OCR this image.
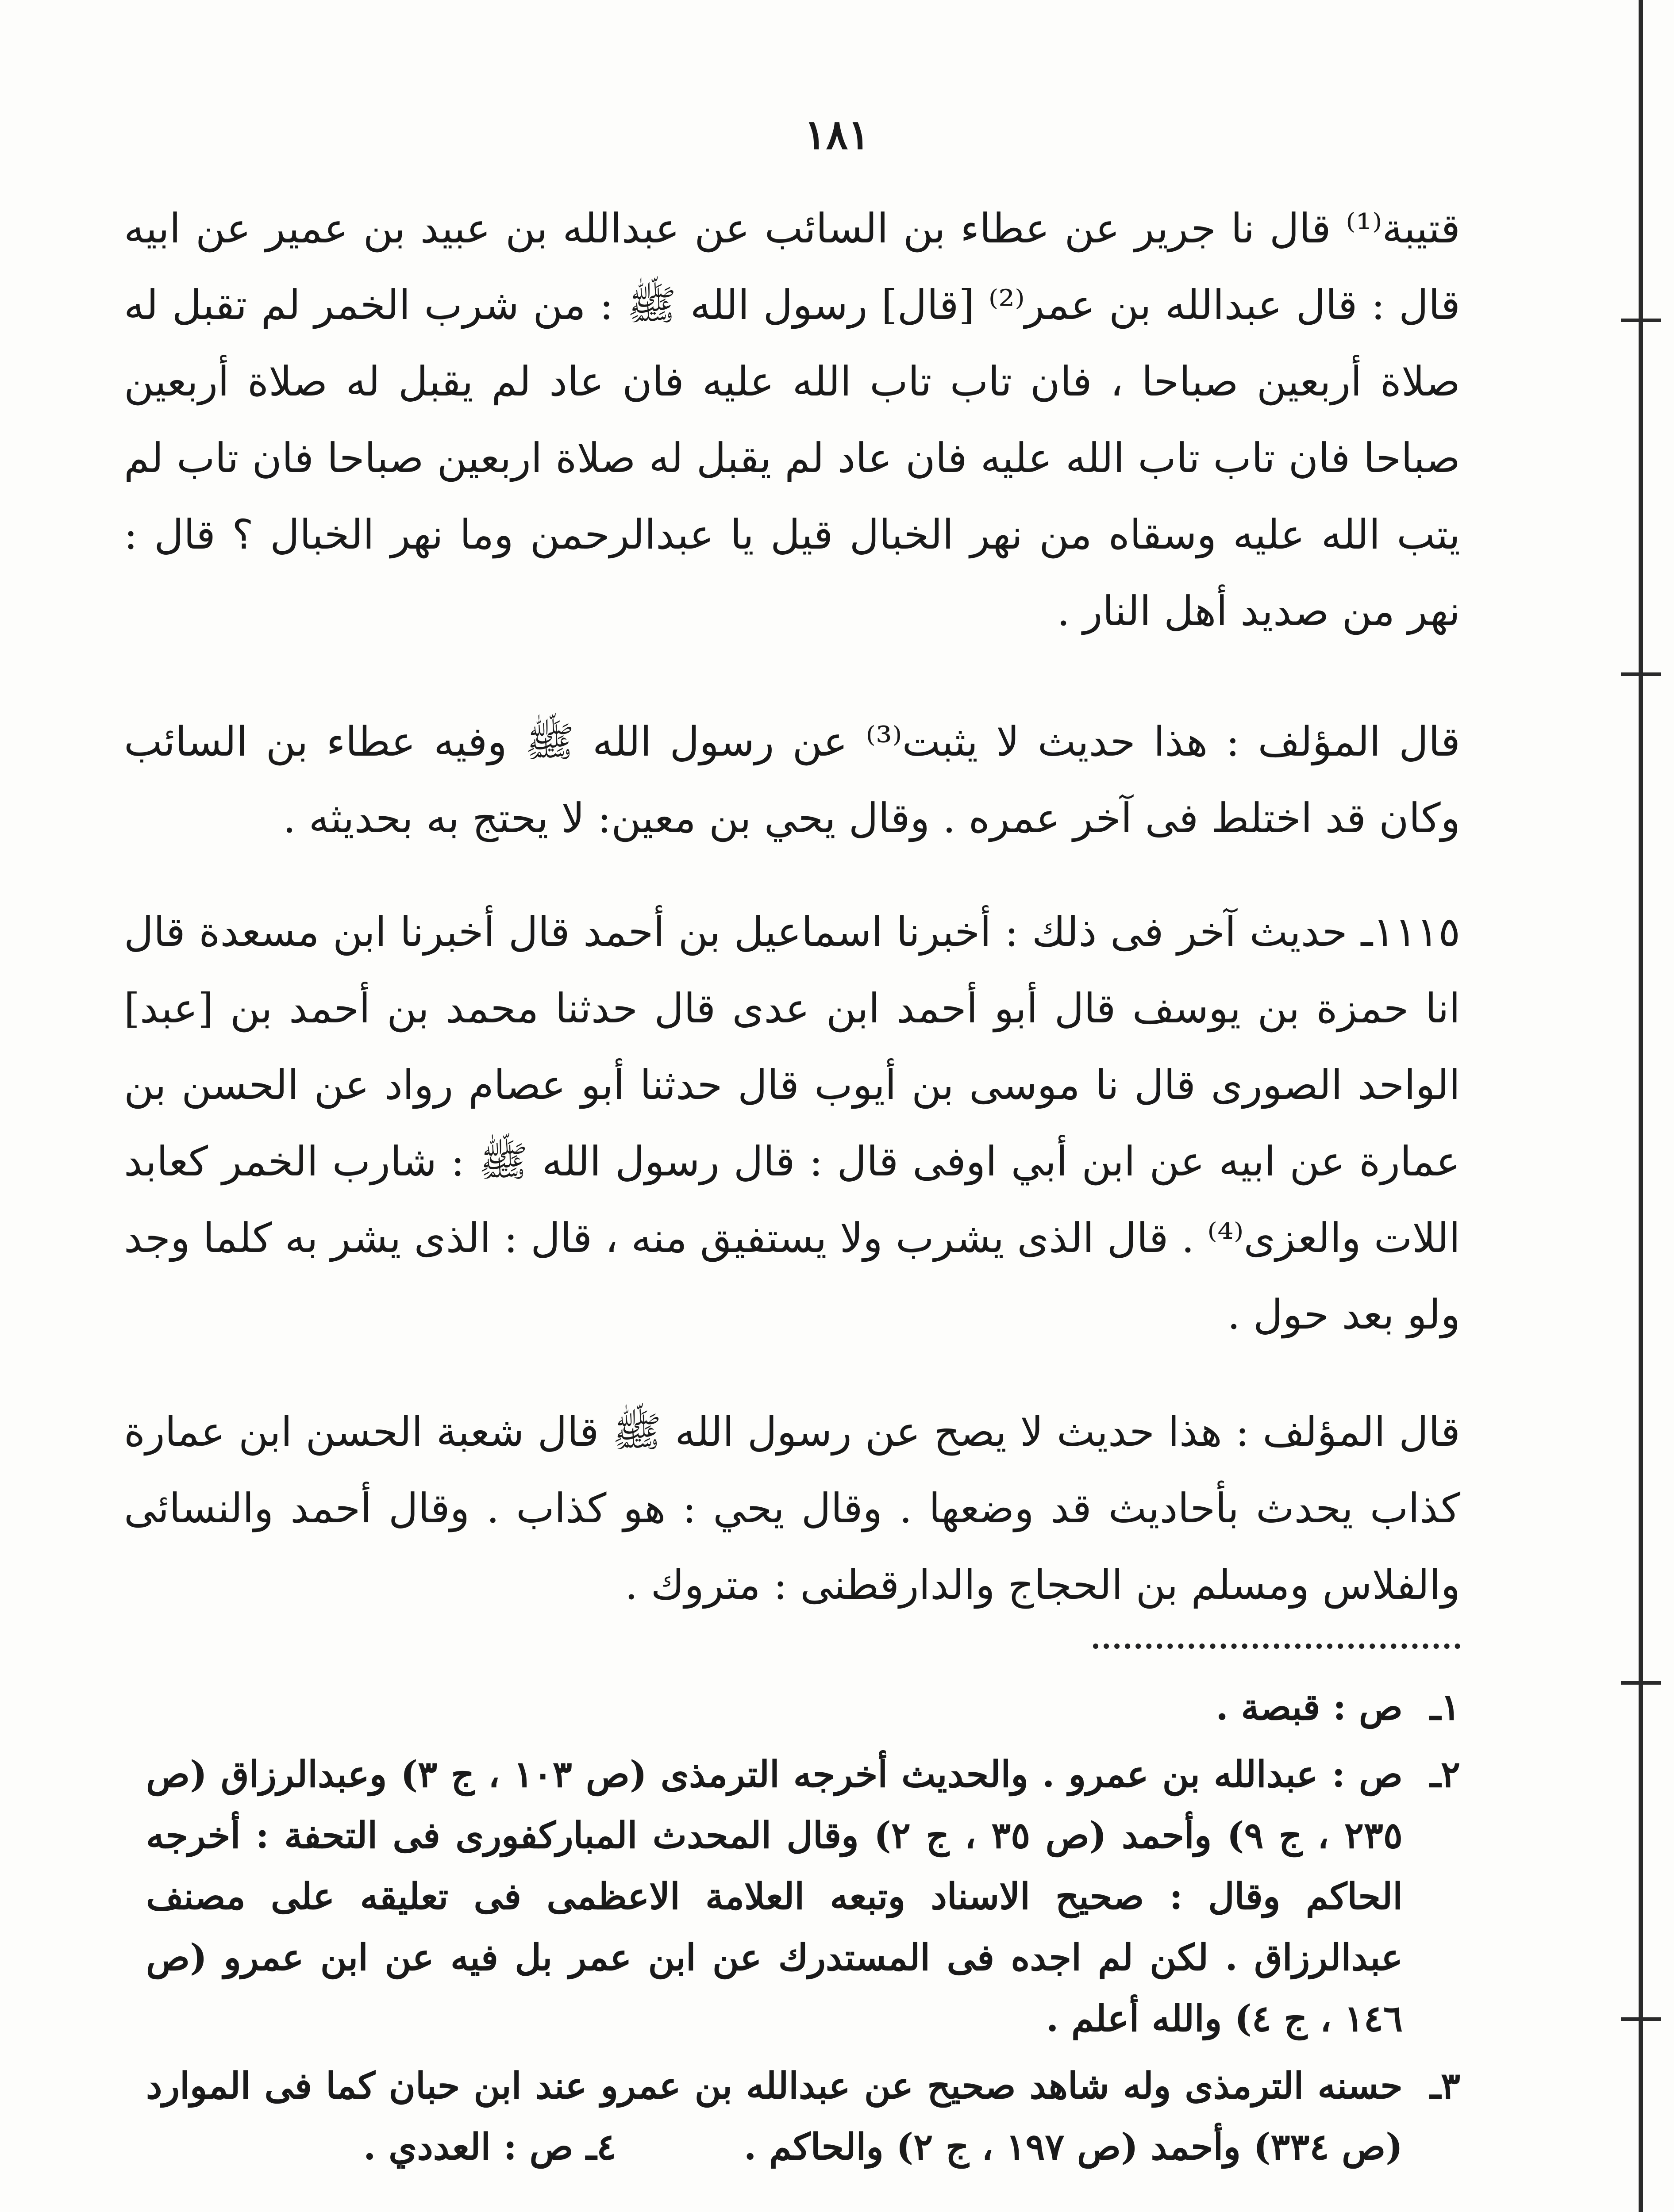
١٨١

قتيبة⁽¹⁾ قال نا جرير عن عطاء بن السائب عن عبدالله بن عبيد بن عمير عن ابيه قال : قال عبدالله بن عمر⁽²⁾ [قال] رسول الله ﷺ : من شرب الخمر لم تقبل له صلاة أربعين صباحا ، فان تاب تاب الله عليه فان عاد لم يقبل له صلاة أربعين صباحا فان تاب تاب الله عليه فان عاد لم يقبل له صلاة اربعين صباحا فان تاب لم يتب الله عليه وسقاه من نهر الخبال قيل يا عبدالرحمن وما نهر الخبال ؟ قال : نهر من صديد أهل النار .

قال المؤلف : هذا حديث لا يثبت⁽³⁾ عن رسول الله ﷺ وفيه عطاء بن السائب وكان قد اختلط فى آخر عمره . وقال يحي بن معين: لا يحتج به بحديثه .

١١١٥ـ حديث آخر فى ذلك : أخبرنا اسماعيل بن أحمد قال أخبرنا ابن مسعدة قال انا حمزة بن يوسف قال أبو أحمد ابن عدى قال حدثنا محمد بن أحمد بن [عبد] الواحد الصورى قال نا موسى بن أيوب قال حدثنا أبو عصام رواد عن الحسن بن عمارة عن ابيه عن ابن أبي اوفى قال : قال رسول الله ﷺ : شارب الخمر كعابد اللات والعزى⁽⁴⁾ . قال الذى يشرب ولا يستفيق منه ، قال : الذى يشر به كلما وجد ولو بعد حول .

قال المؤلف : هذا حديث لا يصح عن رسول الله ﷺ قال شعبة الحسن ابن عمارة كذاب يحدث بأحاديث قد وضعها . وقال يحي : هو كذاب . وقال أحمد والنسائى والفلاس ومسلم بن الحجاج والدارقطنى : متروك .

١ـ
ص : قبصة .
٢ـ
ص : عبدالله بن عمرو . والحديث أخرجه الترمذى (ص ١٠٣ ، ج ٣) وعبدالرزاق (ص ٢٣٥ ، ج ٩) وأحمد (ص ٣٥ ، ج ٢) وقال المحدث المباركفورى فى التحفة : أخرجه الحاكم وقال : صحيح الاسناد وتبعه العلامة الاعظمى فى تعليقه على مصنف عبدالرزاق . لكن لم اجده فى المستدرك عن ابن عمر بل فيه عن ابن عمرو (ص ١٤٦ ، ج ٤) والله أعلم .
٣ـ
حسنه الترمذى وله شاهد صحيح عن عبدالله بن عمرو عند ابن حبان كما فى الموارد (ص ٣٣٤) وأحمد (ص ١٩٧ ، ج ٢) والحاكم . ٤ـ ص : العددي .
